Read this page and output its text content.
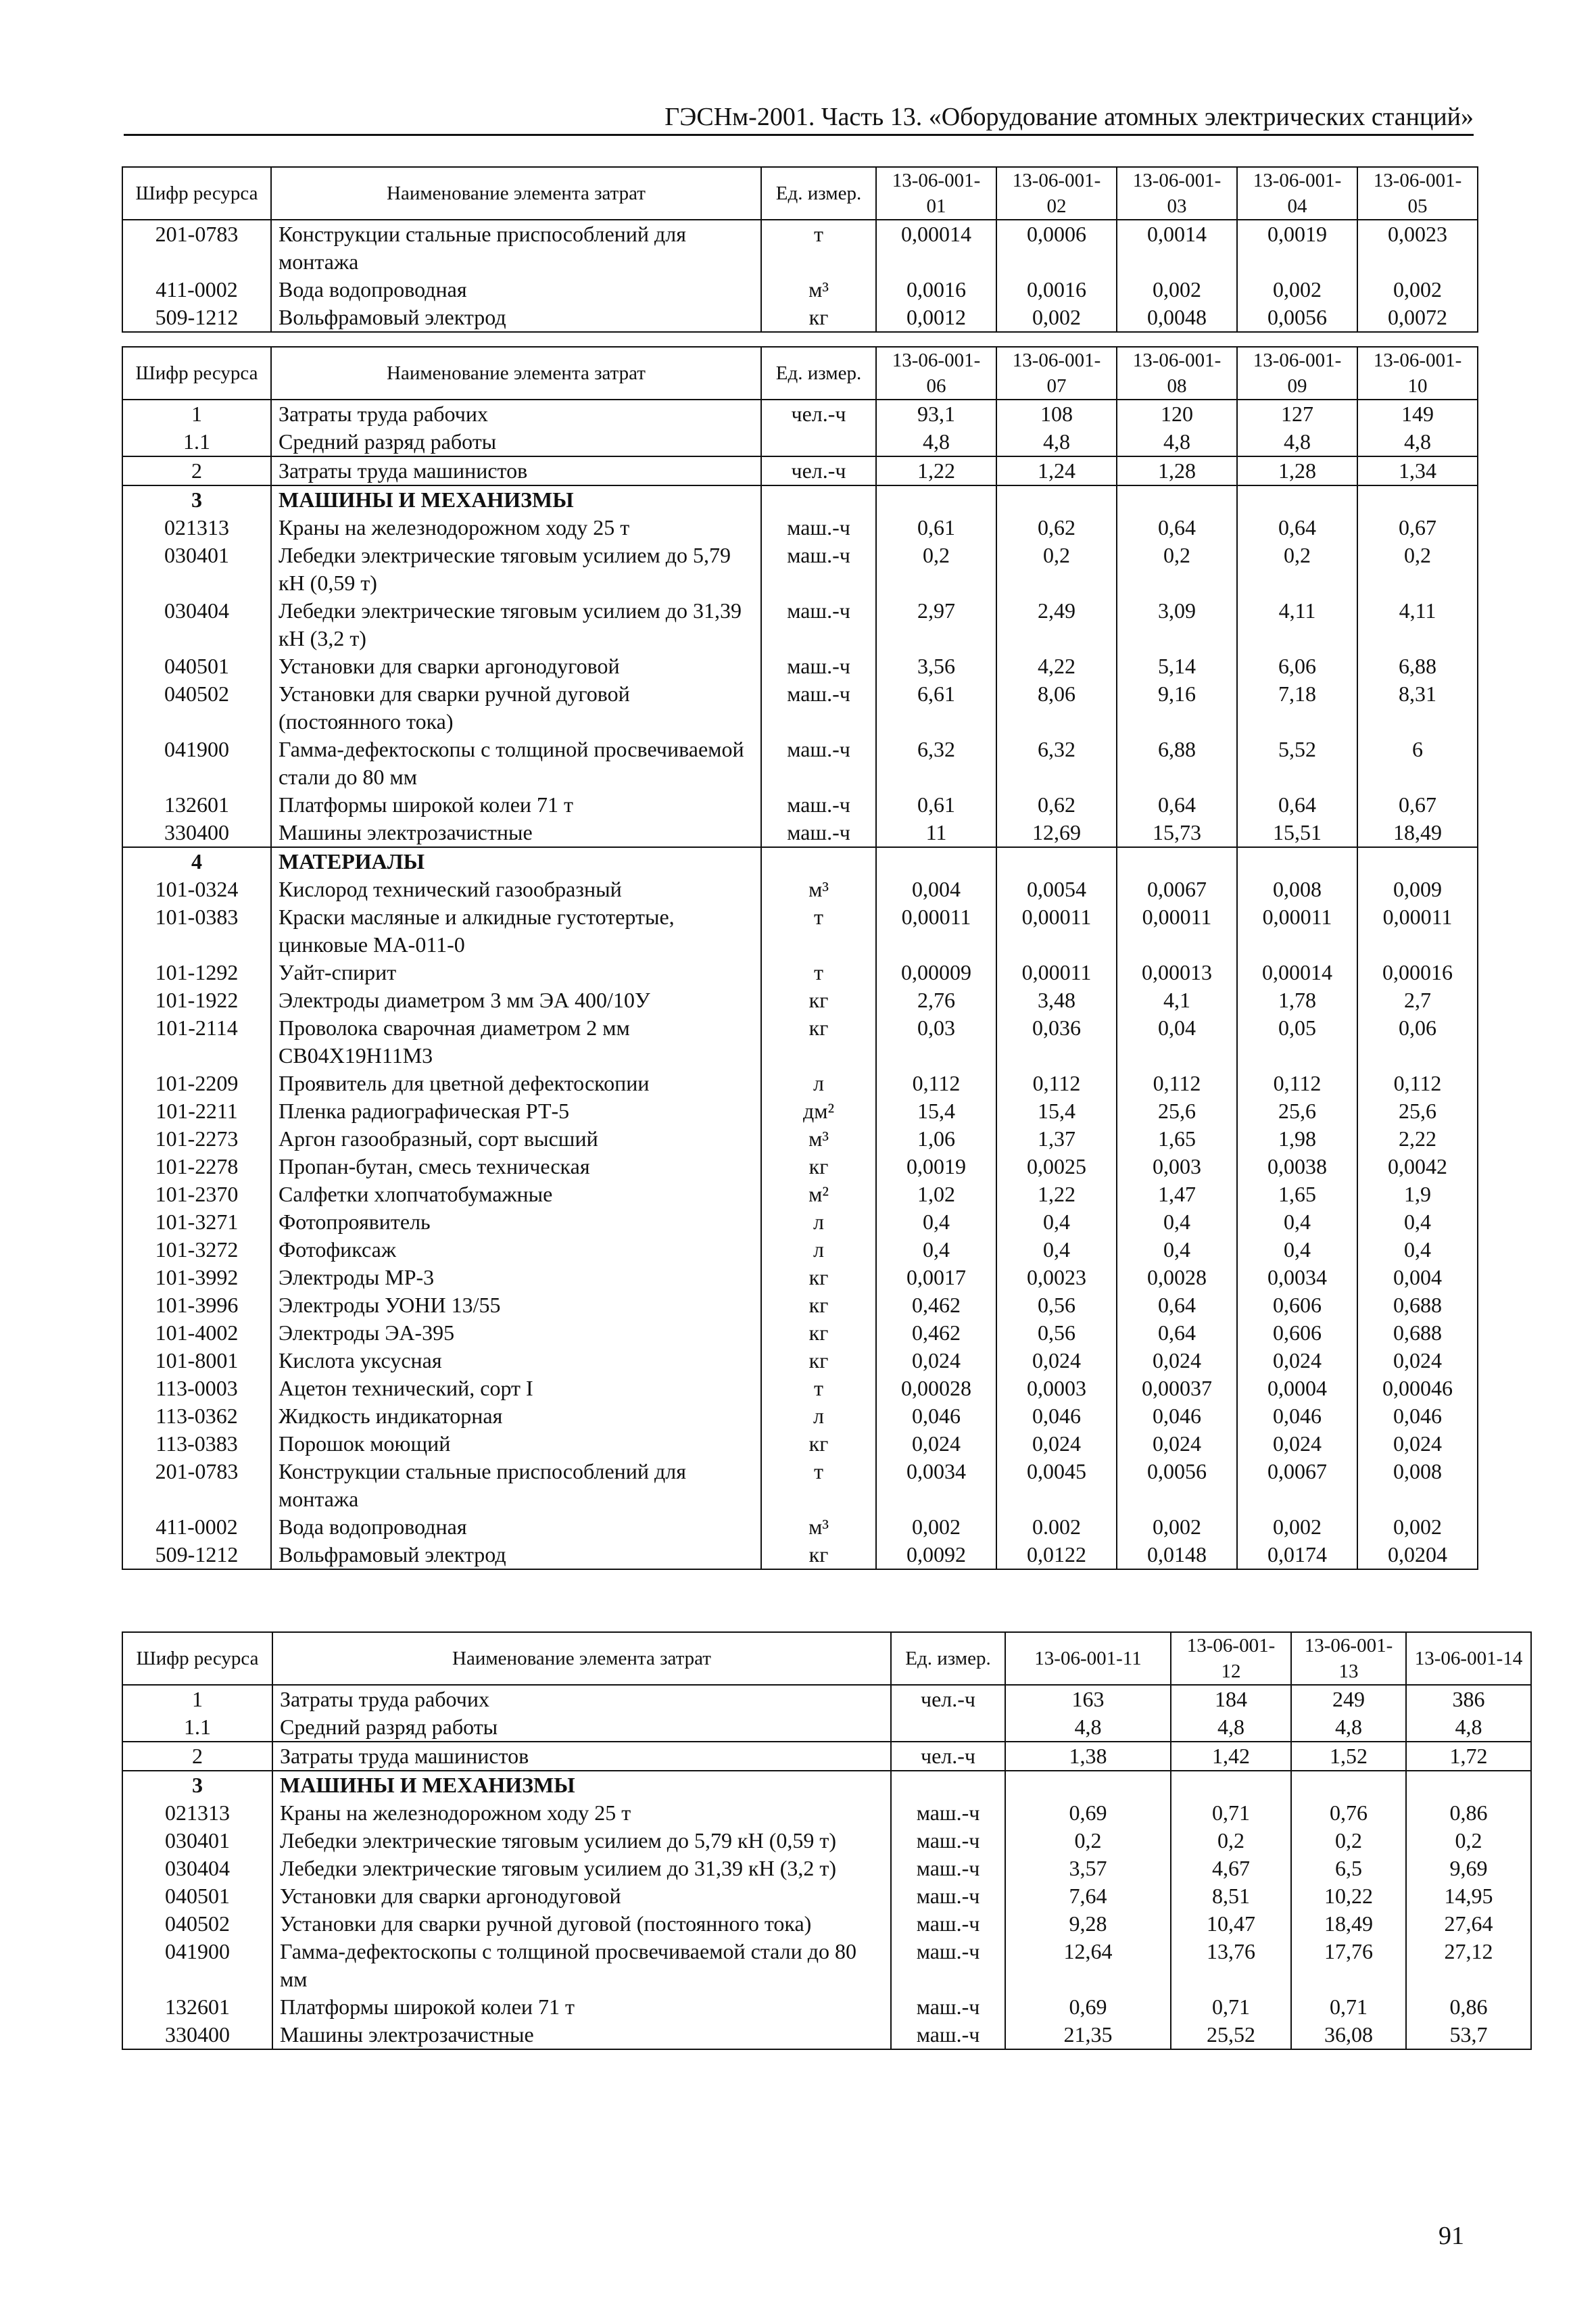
ГЭСНм-2001. Часть 13. «Оборудование атомных электрических станций»
Шифр ресурса	Наименование элемента затрат	Ед. измер.	13-06-001-01	13-06-001-02	13-06-001-03	13-06-001-04	13-06-001-05
201-0783	Конструкции стальные приспособлений для монтажа	т	0,00014	0,0006	0,0014	0,0019	0,0023
411-0002	Вода водопроводная	м³	0,0016	0,0016	0,002	0,002	0,002
509-1212	Вольфрамовый электрод	кг	0,0012	0,002	0,0048	0,0056	0,0072
Шифр ресурса	Наименование элемента затрат	Ед. измер.	13-06-001-06	13-06-001-07	13-06-001-08	13-06-001-09	13-06-001-10
1	Затраты труда рабочих	чел.-ч	93,1	108	120	127	149
1.1	Средний разряд работы		4,8	4,8	4,8	4,8	4,8
2	Затраты труда машинистов	чел.-ч	1,22	1,24	1,28	1,28	1,34
3	МАШИНЫ И МЕХАНИЗМЫ						
021313	Краны на железнодорожном ходу 25 т	маш.-ч	0,61	0,62	0,64	0,64	0,67
030401	Лебедки электрические тяговым усилием до 5,79 кН (0,59 т)	маш.-ч	0,2	0,2	0,2	0,2	0,2
030404	Лебедки электрические тяговым усилием до 31,39 кН (3,2 т)	маш.-ч	2,97	2,49	3,09	4,11	4,11
040501	Установки для сварки аргонодуговой	маш.-ч	3,56	4,22	5,14	6,06	6,88
040502	Установки для сварки ручной дуговой (постоянного тока)	маш.-ч	6,61	8,06	9,16	7,18	8,31
041900	Гамма-дефектоскопы с толщиной просвечиваемой стали до 80 мм	маш.-ч	6,32	6,32	6,88	5,52	6
132601	Платформы широкой колеи 71 т	маш.-ч	0,61	0,62	0,64	0,64	0,67
330400	Машины электрозачистные	маш.-ч	11	12,69	15,73	15,51	18,49
4	МАТЕРИАЛЫ						
101-0324	Кислород технический газообразный	м³	0,004	0,0054	0,0067	0,008	0,009
101-0383	Краски масляные и алкидные густотертые, цинковые МА-011-0	т	0,00011	0,00011	0,00011	0,00011	0,00011
101-1292	Уайт-спирит	т	0,00009	0,00011	0,00013	0,00014	0,00016
101-1922	Электроды диаметром 3 мм ЭА 400/10У	кг	2,76	3,48	4,1	1,78	2,7
101-2114	Проволока сварочная диаметром 2 мм СВ04Х19Н11М3	кг	0,03	0,036	0,04	0,05	0,06
101-2209	Проявитель для цветной дефектоскопии	л	0,112	0,112	0,112	0,112	0,112
101-2211	Пленка радиографическая РТ-5	дм²	15,4	15,4	25,6	25,6	25,6
101-2273	Аргон газообразный, сорт высший	м³	1,06	1,37	1,65	1,98	2,22
101-2278	Пропан-бутан, смесь техническая	кг	0,0019	0,0025	0,003	0,0038	0,0042
101-2370	Салфетки хлопчатобумажные	м²	1,02	1,22	1,47	1,65	1,9
101-3271	Фотопроявитель	л	0,4	0,4	0,4	0,4	0,4
101-3272	Фотофиксаж	л	0,4	0,4	0,4	0,4	0,4
101-3992	Электроды МР-3	кг	0,0017	0,0023	0,0028	0,0034	0,004
101-3996	Электроды УОНИ 13/55	кг	0,462	0,56	0,64	0,606	0,688
101-4002	Электроды ЭА-395	кг	0,462	0,56	0,64	0,606	0,688
101-8001	Кислота уксусная	кг	0,024	0,024	0,024	0,024	0,024
113-0003	Ацетон технический, сорт I	т	0,00028	0,0003	0,00037	0,0004	0,00046
113-0362	Жидкость индикаторная	л	0,046	0,046	0,046	0,046	0,046
113-0383	Порошок моющий	кг	0,024	0,024	0,024	0,024	0,024
201-0783	Конструкции стальные приспособлений для монтажа	т	0,0034	0,0045	0,0056	0,0067	0,008
411-0002	Вода водопроводная	м³	0,002	0.002	0,002	0,002	0,002
509-1212	Вольфрамовый электрод	кг	0,0092	0,0122	0,0148	0,0174	0,0204
Шифр ресурса	Наименование элемента затрат	Ед. измер.	13-06-001-11	13-06-001-12	13-06-001-13	13-06-001-14
1	Затраты труда рабочих	чел.-ч	163	184	249	386
1.1	Средний разряд работы		4,8	4,8	4,8	4,8
2	Затраты труда машинистов	чел.-ч	1,38	1,42	1,52	1,72
3	МАШИНЫ И МЕХАНИЗМЫ					
021313	Краны на железнодорожном ходу 25 т	маш.-ч	0,69	0,71	0,76	0,86
030401	Лебедки электрические тяговым усилием до 5,79 кН (0,59 т)	маш.-ч	0,2	0,2	0,2	0,2
030404	Лебедки электрические тяговым усилием до 31,39 кН (3,2 т)	маш.-ч	3,57	4,67	6,5	9,69
040501	Установки для сварки аргонодуговой	маш.-ч	7,64	8,51	10,22	14,95
040502	Установки для сварки ручной дуговой (постоянного тока)	маш.-ч	9,28	10,47	18,49	27,64
041900	Гамма-дефектоскопы с толщиной просвечиваемой стали до 80 мм	маш.-ч	12,64	13,76	17,76	27,12
132601	Платформы широкой колеи 71 т	маш.-ч	0,69	0,71	0,71	0,86
330400	Машины электрозачистные	маш.-ч	21,35	25,52	36,08	53,7
91
